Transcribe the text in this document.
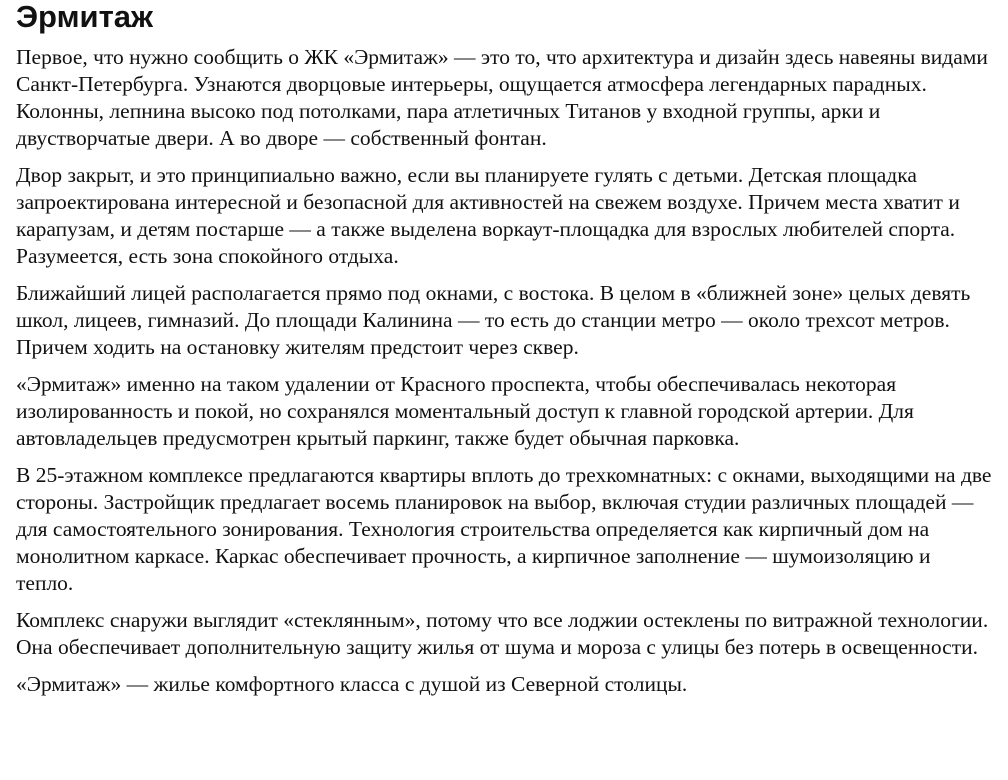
Эрмитаж

Первое, что нужно сообщить о ЖК «Эрмитаж» — это то, что архитектура и дизайн здесь навеяны видами Санкт-Петербурга. Узнаются дворцовые интерьеры, ощущается атмосфера легендарных парадных. Колонны, лепнина высоко под потолками, пара атлетичных Титанов у входной группы, арки и двустворчатые двери. А во дворе — собственный фонтан.

Двор закрыт, и это принципиально важно, если вы планируете гулять с детьми. Детская площадка запроектирована интересной и безопасной для активностей на свежем воздухе. Причем места хватит и карапузам, и детям постарше — а также выделена воркаут-площадка для взрослых любителей спорта. Разумеется, есть зона спокойного отдыха.

Ближайший лицей располагается прямо под окнами, с востока. В целом в «ближней зоне» целых девять школ, лицеев, гимназий. До площади Калинина — то есть до станции метро — около трехсот метров. Причем ходить на остановку жителям предстоит через сквер.

«Эрмитаж» именно на таком удалении от Красного проспекта, чтобы обеспечивалась некоторая изолированность и покой, но сохранялся моментальный доступ к главной городской артерии. Для автовладельцев предусмотрен крытый паркинг, также будет обычная парковка.

В 25-этажном комплексе предлагаются квартиры вплоть до трехкомнатных: с окнами, выходящими на две стороны. Застройщик предлагает восемь планировок на выбор, включая студии различных площадей — для самостоятельного зонирования. Технология строительства определяется как кирпичный дом на монолитном каркасе. Каркас обеспечивает прочность, а кирпичное заполнение — шумоизоляцию и тепло.

Комплекс снаружи выглядит «стеклянным», потому что все лоджии остеклены по витражной технологии. Она обеспечивает дополнительную защиту жилья от шума и мороза с улицы без потерь в освещенности.

«Эрмитаж» — жилье комфортного класса с душой из Северной столицы.
